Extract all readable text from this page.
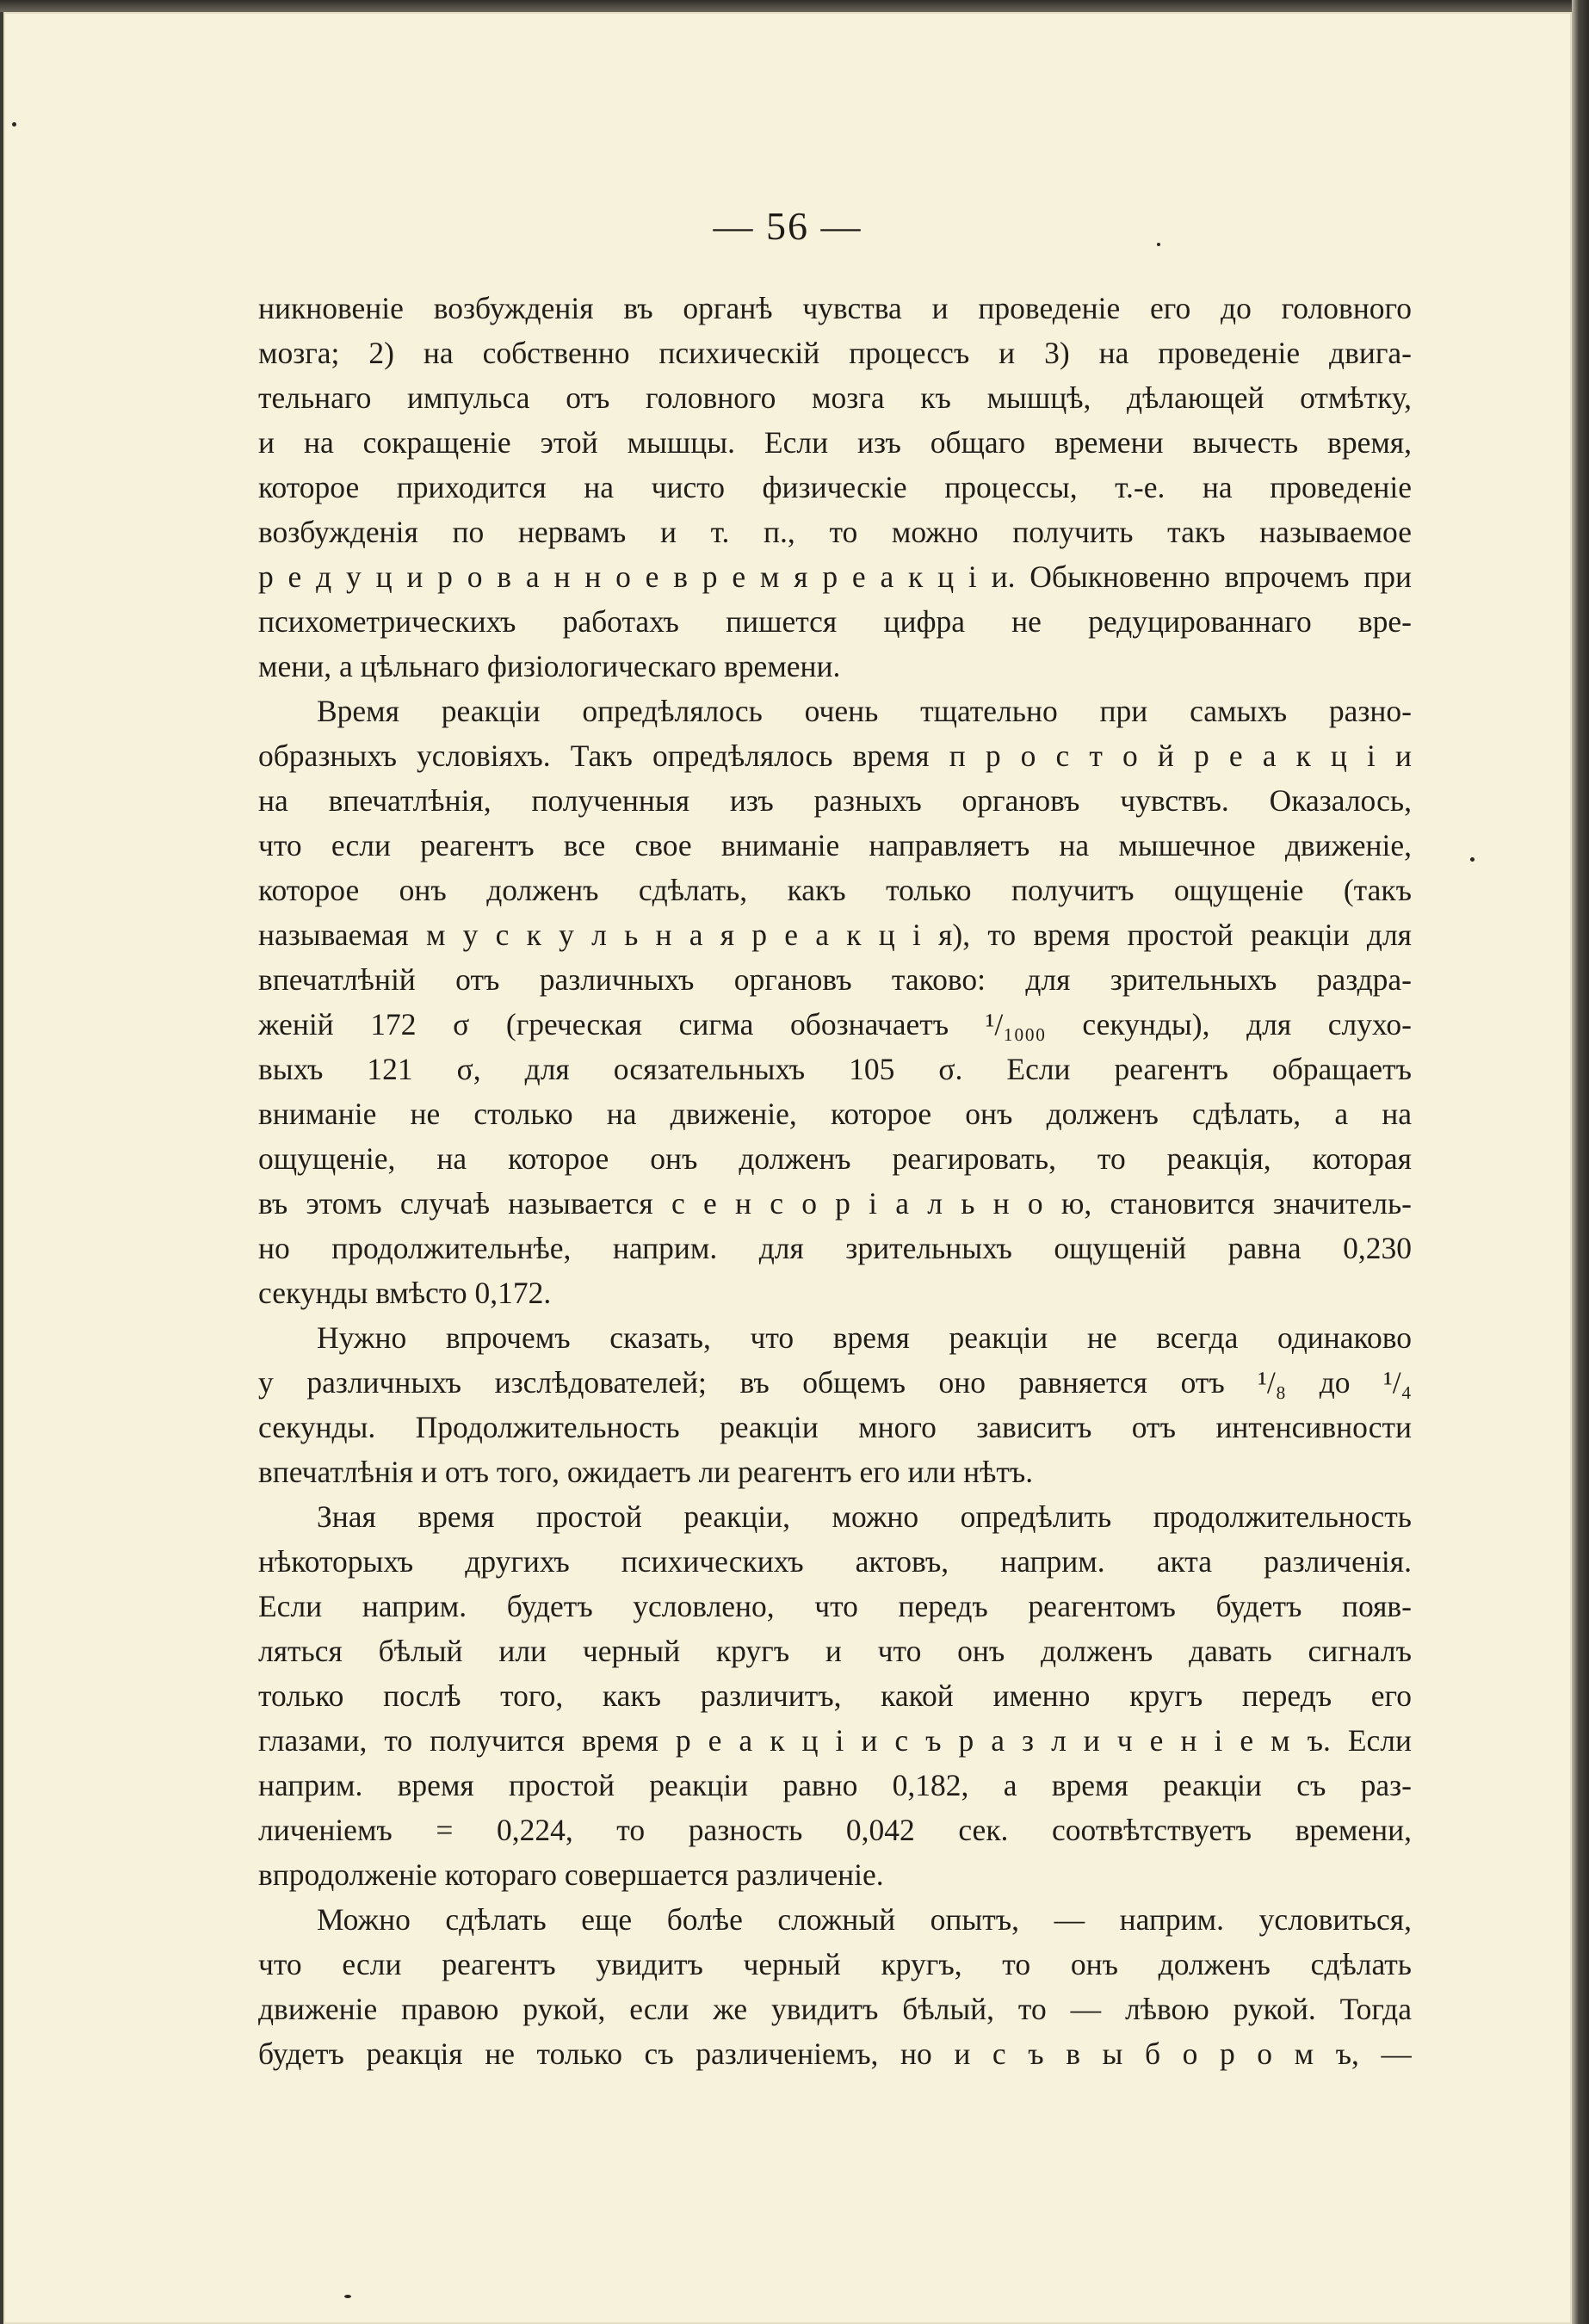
— 56 —
никновеніе возбужденія въ органѣ чувства и проведеніе его до головного
мозга; 2) на собственно психическій процессъ и 3) на проведеніе двига-
тельнаго импульса отъ головного мозга къ мышцѣ, дѣлающей отмѣтку,
и на сокращеніе этой мышцы. Если изъ общаго времени вычесть время,
которое приходится на чисто физическіе процессы, т.-е. на проведеніе
возбужденія по нервамъ и т. п., то можно получить такъ называемое
р е д у ц и р о в а н н о е в р е м я р е а к ц і и. Обыкновенно впрочемъ при
психометрическихъ работахъ пишется цифра не редуцированнаго вре-
мени, а цѣльнаго физіологическаго времени.
Время реакціи опредѣлялось очень тщательно при самыхъ разно-
образныхъ условіяхъ. Такъ опредѣлялось время п р о с т о й р е а к ц і и
на впечатлѣнія, полученныя изъ разныхъ органовъ чувствъ. Оказалось,
что если реагентъ все свое вниманіе направляетъ на мышечное движеніе,
которое онъ долженъ сдѣлать, какъ только получитъ ощущеніе (такъ
называемая м у с к у л ь н а я р е а к ц і я), то время простой реакціи для
впечатлѣній отъ различныхъ органовъ таково: для зрительныхъ раздра-
женій 172 σ (греческая сигма обозначаетъ ¹/₁₀₀₀ секунды), для слухо-
выхъ 121 σ, для осязательныхъ 105 σ. Если реагентъ обращаетъ
вниманіе не столько на движеніе, которое онъ долженъ сдѣлать, а на
ощущеніе, на которое онъ долженъ реагировать, то реакція, которая
въ этомъ случаѣ называется с е н с о р і а л ь н о ю, становится значитель-
но продолжительнѣе, наприм. для зрительныхъ ощущеній равна 0,230
секунды вмѣсто 0,172.
Нужно впрочемъ сказать, что время реакціи не всегда одинаково
у различныхъ изслѣдователей; въ общемъ оно равняется отъ ¹/₈ до ¹/₄
секунды. Продолжительность реакціи много зависитъ отъ интенсивности
впечатлѣнія и отъ того, ожидаетъ ли реагентъ его или нѣтъ.
Зная время простой реакціи, можно опредѣлить продолжительность
нѣкоторыхъ другихъ психическихъ актовъ, наприм. акта различенія.
Если наприм. будетъ условлено, что передъ реагентомъ будетъ появ-
ляться бѣлый или черный кругъ и что онъ долженъ давать сигналъ
только послѣ того, какъ различитъ, какой именно кругъ передъ его
глазами, то получится время р е а к ц і и с ъ р а з л и ч е н і е м ъ. Если
наприм. время простой реакціи равно 0,182, а время реакціи съ раз-
личеніемъ = 0,224, то разность 0,042 сек. соотвѣтствуетъ времени,
впродолженіе котораго совершается различеніе.
Можно сдѣлать еще болѣе сложный опытъ, — наприм. условиться,
что если реагентъ увидитъ черный кругъ, то онъ долженъ сдѣлать
движеніе правою рукой, если же увидитъ бѣлый, то — лѣвою рукой. Тогда
будетъ реакція не только съ различеніемъ, но и с ъ в ы б о р о м ъ, —
